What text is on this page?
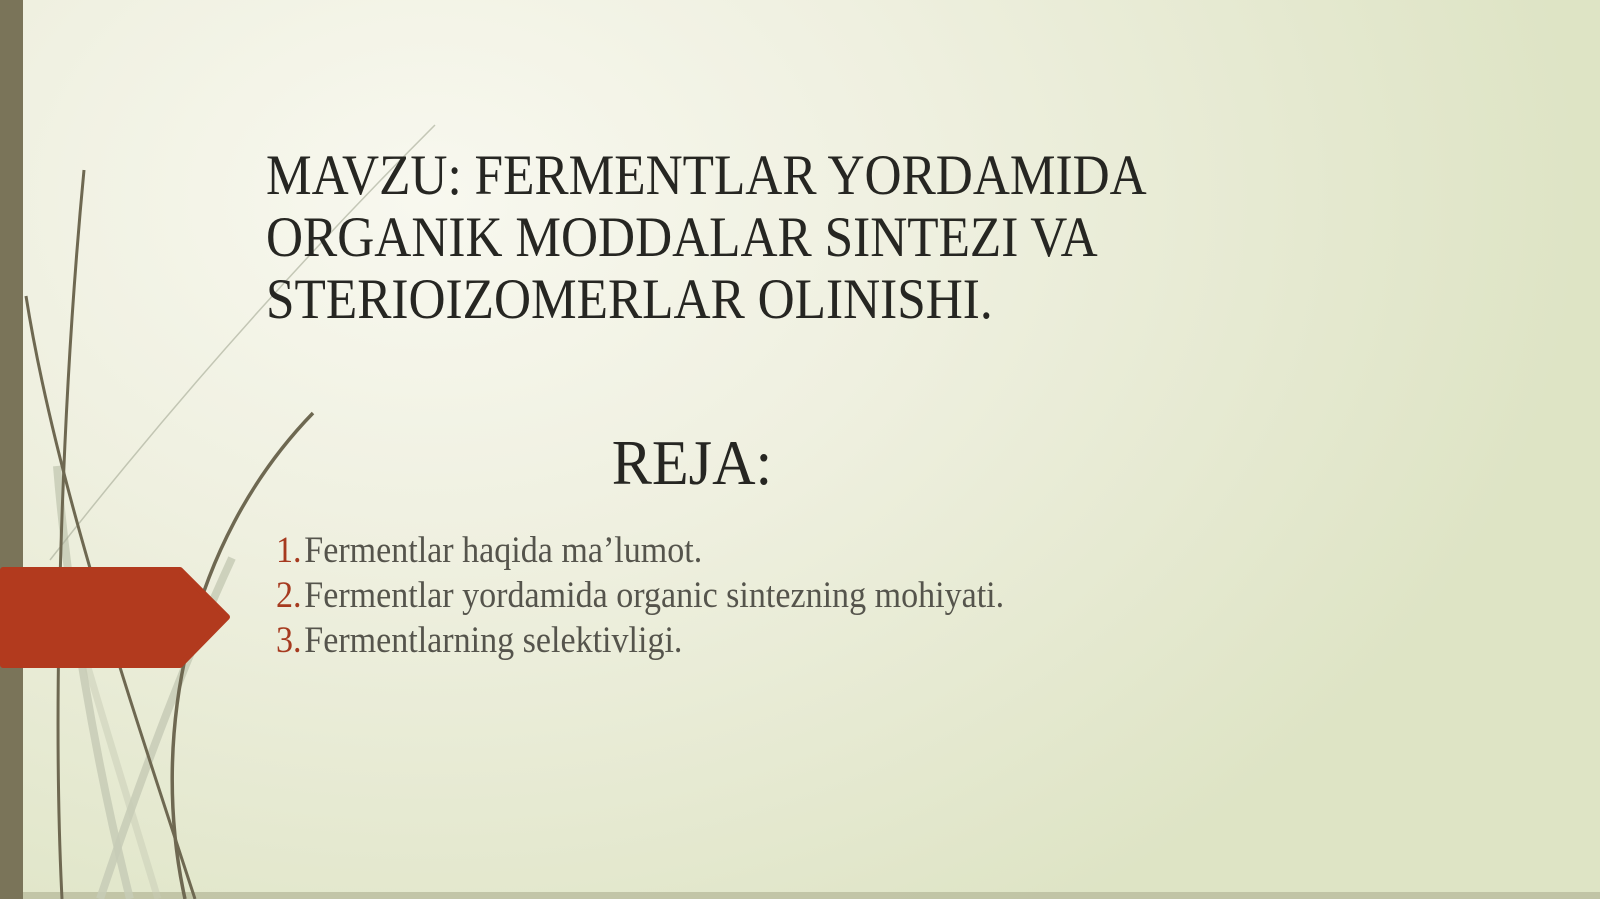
MAVZU: FERMENTLAR YORDAMIDA
ORGANIK MODDALAR SINTEZI VA
STERIOIZOMERLAR OLINISHI.
REJA:
1.Fermentlar haqida ma’lumot.
2.Fermentlar yordamida organic sintezning mohiyati.
3.Fermentlarning selektivligi.
